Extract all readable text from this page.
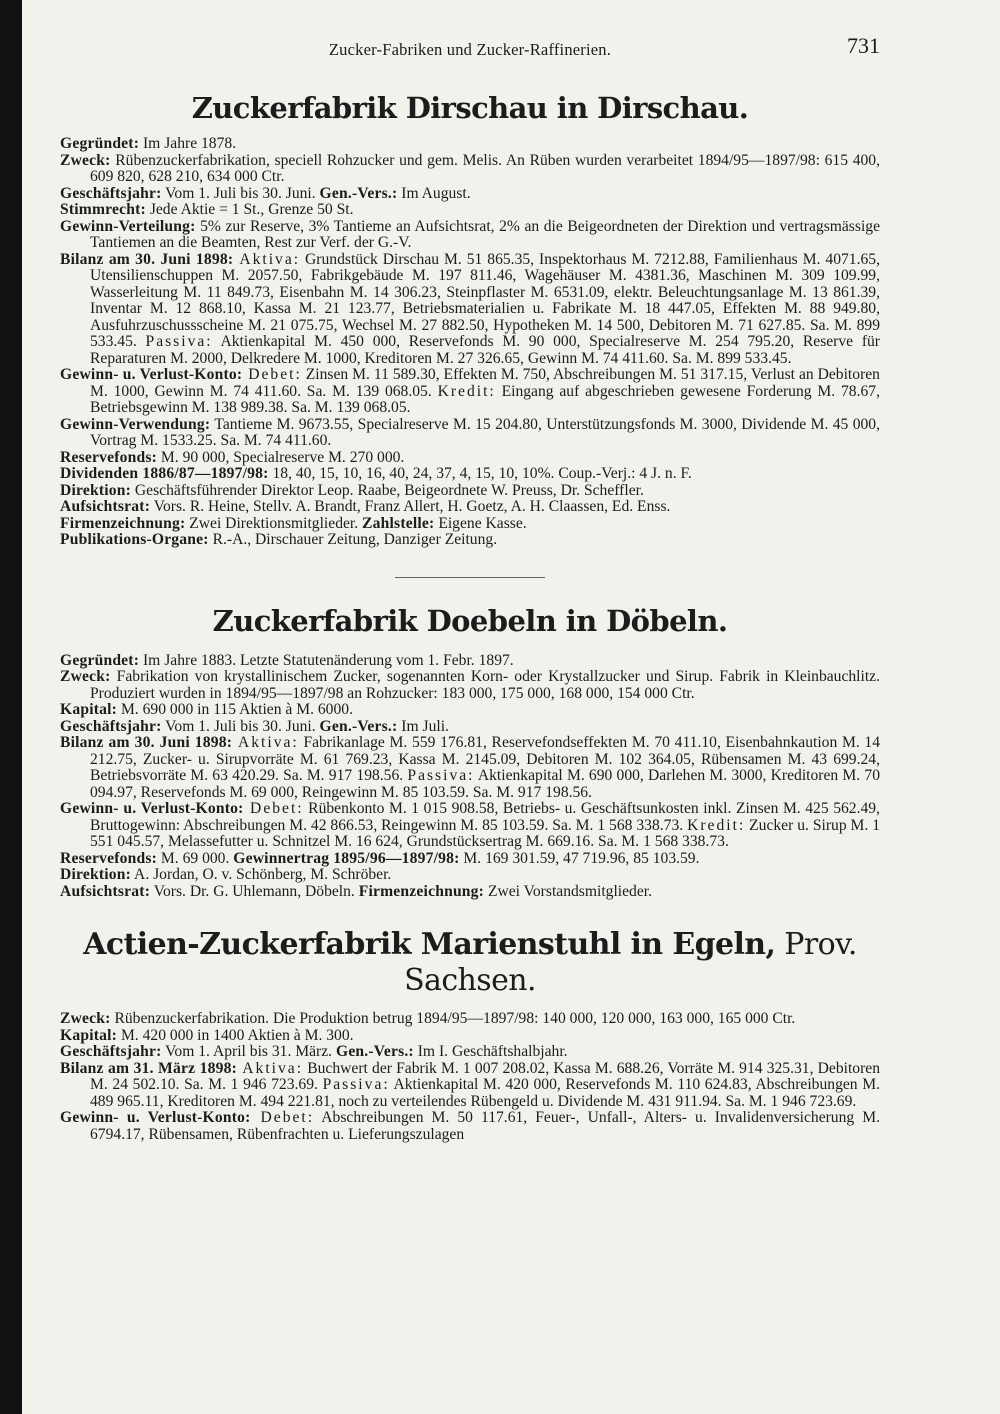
Zucker-Fabriken und Zucker-Raffinerien.	731
Zuckerfabrik Dirschau in Dirschau.

Gegründet: Im Jahre 1878.

Zweck: Rübenzuckerfabrikation, speciell Rohzucker und gem. Melis. An Rüben wurden verarbeitet 1894/95—1897/98: 615 400, 609 820, 628 210, 634 000 Ctr.

Geschäftsjahr: Vom 1. Juli bis 30. Juni. Gen.-Vers.: Im August.

Stimmrecht: Jede Aktie = 1 St., Grenze 50 St.

Gewinn-Verteilung: 5% zur Reserve, 3% Tantieme an Aufsichtsrat, 2% an die Beigeordneten der Direktion und vertragsmässige Tantiemen an die Beamten, Rest zur Verf. der G.-V.

Bilanz am 30. Juni 1898: Aktiva: Grundstück Dirschau M. 51 865.35, Inspektorhaus M. 7212.88, Familienhaus M. 4071.65, Utensilienschuppen M. 2057.50, Fabrikgebäude M. 197 811.46, Wagehäuser M. 4381.36, Maschinen M. 309 109.99, Wasserleitung M. 11 849.73, Eisenbahn M. 14 306.23, Steinpflaster M. 6531.09, elektr. Beleuchtungsanlage M. 13 861.39, Inventar M. 12 868.10, Kassa M. 21 123.77, Betriebsmaterialien u. Fabrikate M. 18 447.05, Effekten M. 88 949.80, Ausfuhrzuschussscheine M. 21 075.75, Wechsel M. 27 882.50, Hypotheken M. 14 500, Debitoren M. 71 627.85. Sa. M. 899 533.45. Passiva: Aktienkapital M. 450 000, Reservefonds M. 90 000, Specialreserve M. 254 795.20, Reserve für Reparaturen M. 2000, Delkredere M. 1000, Kreditoren M. 27 326.65, Gewinn M. 74 411.60. Sa. M. 899 533.45.

Gewinn- u. Verlust-Konto: Debet: Zinsen M. 11 589.30, Effekten M. 750, Abschreibungen M. 51 317.15, Verlust an Debitoren M. 1000, Gewinn M. 74 411.60. Sa. M. 139 068.05. Kredit: Eingang auf abgeschrieben gewesene Forderung M. 78.67, Betriebsgewinn M. 138 989.38. Sa. M. 139 068.05.

Gewinn-Verwendung: Tantieme M. 9673.55, Specialreserve M. 15 204.80, Unterstützungsfonds M. 3000, Dividende M. 45 000, Vortrag M. 1533.25. Sa. M. 74 411.60.

Reservefonds: M. 90 000, Specialreserve M. 270 000.

Dividenden 1886/87—1897/98: 18, 40, 15, 10, 16, 40, 24, 37, 4, 15, 10, 10%. Coup.-Verj.: 4 J. n. F.

Direktion: Geschäftsführender Direktor Leop. Raabe, Beigeordnete W. Preuss, Dr. Scheffler.

Aufsichtsrat: Vors. R. Heine, Stellv. A. Brandt, Franz Allert, H. Goetz, A. H. Claassen, Ed. Enss.

Firmenzeichnung: Zwei Direktionsmitglieder. Zahlstelle: Eigene Kasse.

Publikations-Organe: R.-A., Dirschauer Zeitung, Danziger Zeitung.

Zuckerfabrik Doebeln in Döbeln.

Gegründet: Im Jahre 1883. Letzte Statutenänderung vom 1. Febr. 1897.

Zweck: Fabrikation von krystallinischem Zucker, sogenannten Korn- oder Krystallzucker und Sirup. Fabrik in Kleinbauchlitz. Produziert wurden in 1894/95—1897/98 an Rohzucker: 183 000, 175 000, 168 000, 154 000 Ctr.

Kapital: M. 690 000 in 115 Aktien à M. 6000.

Geschäftsjahr: Vom 1. Juli bis 30. Juni. Gen.-Vers.: Im Juli.

Bilanz am 30. Juni 1898: Aktiva: Fabrikanlage M. 559 176.81, Reservefondseffekten M. 70 411.10, Eisenbahnkaution M. 14 212.75, Zucker- u. Sirupvorräte M. 61 769.23, Kassa M. 2145.09, Debitoren M. 102 364.05, Rübensamen M. 43 699.24, Betriebsvorräte M. 63 420.29. Sa. M. 917 198.56. Passiva: Aktienkapital M. 690 000, Darlehen M. 3000, Kreditoren M. 70 094.97, Reservefonds M. 69 000, Reingewinn M. 85 103.59. Sa. M. 917 198.56.

Gewinn- u. Verlust-Konto: Debet: Rübenkonto M. 1 015 908.58, Betriebs- u. Geschäftsunkosten inkl. Zinsen M. 425 562.49, Bruttogewinn: Abschreibungen M. 42 866.53, Reingewinn M. 85 103.59. Sa. M. 1 568 338.73. Kredit: Zucker u. Sirup M. 1 551 045.57, Melassefutter u. Schnitzel M. 16 624, Grundstücksertrag M. 669.16. Sa. M. 1 568 338.73.

Reservefonds: M. 69 000. Gewinnertrag 1895/96—1897/98: M. 169 301.59, 47 719.96, 85 103.59.

Direktion: A. Jordan, O. v. Schönberg, M. Schröber.

Aufsichtsrat: Vors. Dr. G. Uhlemann, Döbeln. Firmenzeichnung: Zwei Vorstandsmitglieder.

Actien-Zuckerfabrik Marienstuhl in Egeln, Prov. Sachsen.

Zweck: Rübenzuckerfabrikation. Die Produktion betrug 1894/95—1897/98: 140 000, 120 000, 163 000, 165 000 Ctr.

Kapital: M. 420 000 in 1400 Aktien à M. 300.

Geschäftsjahr: Vom 1. April bis 31. März. Gen.-Vers.: Im I. Geschäftshalbjahr.

Bilanz am 31. März 1898: Aktiva: Buchwert der Fabrik M. 1 007 208.02, Kassa M. 688.26, Vorräte M. 914 325.31, Debitoren M. 24 502.10. Sa. M. 1 946 723.69. Passiva: Aktienkapital M. 420 000, Reservefonds M. 110 624.83, Abschreibungen M. 489 965.11, Kreditoren M. 494 221.81, noch zu verteilendes Rübengeld u. Dividende M. 431 911.94. Sa. M. 1 946 723.69.

Gewinn- u. Verlust-Konto: Debet: Abschreibungen M. 50 117.61, Feuer-, Unfall-, Alters- u. Invalidenversicherung M. 6794.17, Rübensamen, Rübenfrachten u. Lieferungszulagen
